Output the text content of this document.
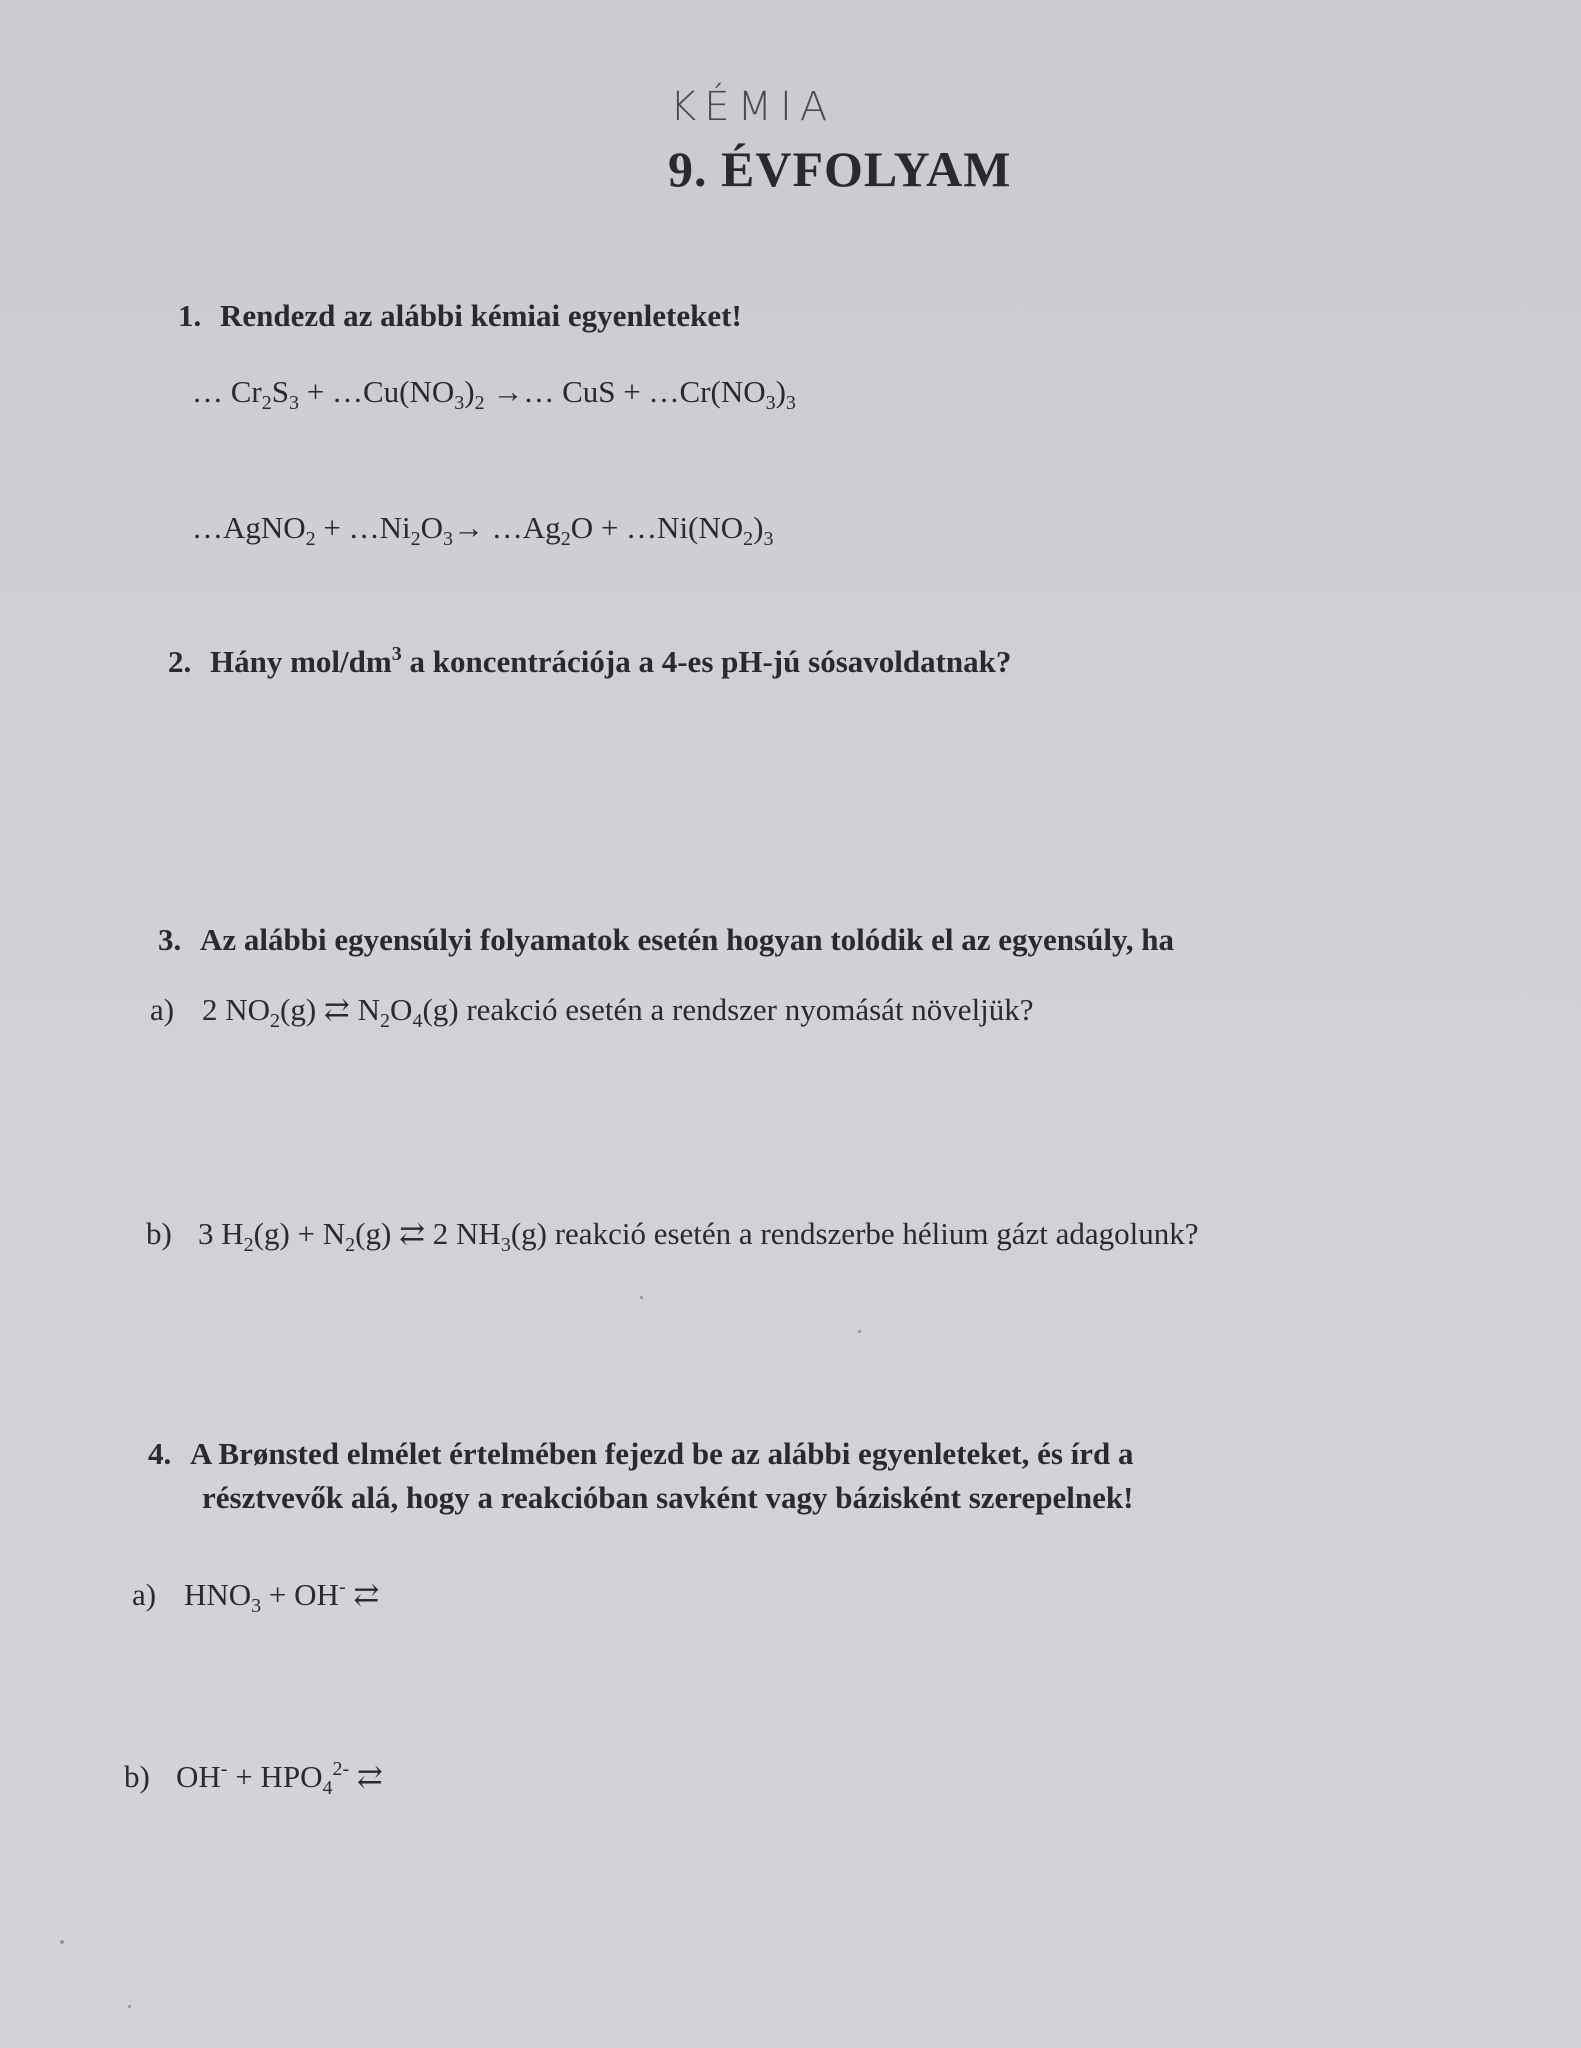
KÉMIA
9. ÉVFOLYAM
1. Rendezd az alábbi kémiai egyenleteket!
… $Cr_2S_3$ + $\dots Cu(NO_3)_2$ →… CuS + $\dots Cr(NO_3)_3$
…AgNO$_2$ + $\dots Ni_2O_3\to$ $\dots Ag_2O$ + $\dots Ni(NO_2)_3$
2. Hány mol/$dm^3$ a koncentrációja a 4-es pH-jú sósavoldatnak?
3. Az alábbi egyensúlyi folyamatok esetén hogyan tolódik el az egyensúly, ha
a) 2 $NO_2(g)$ ⇄ $N_2O_4(g)$ reakció esetén a rendszer nyomását növeljük?
b) 3 $H_2(g) + N_2(g)$ ⇄ 2 $NH_3(g)$ reakció esetén a rendszerbe hélium gázt adagolunk?
4. A Brønsted elmélet értelmében fejezd be az alábbi egyenleteket, és írd a
résztvevők alá, hogy a reakcióban savként vagy bázisként szerepelnek!
a) $HNO_3 + OH^-$ ⇄
b) $OH^- + HPO_4^{2-}$ ⇄
